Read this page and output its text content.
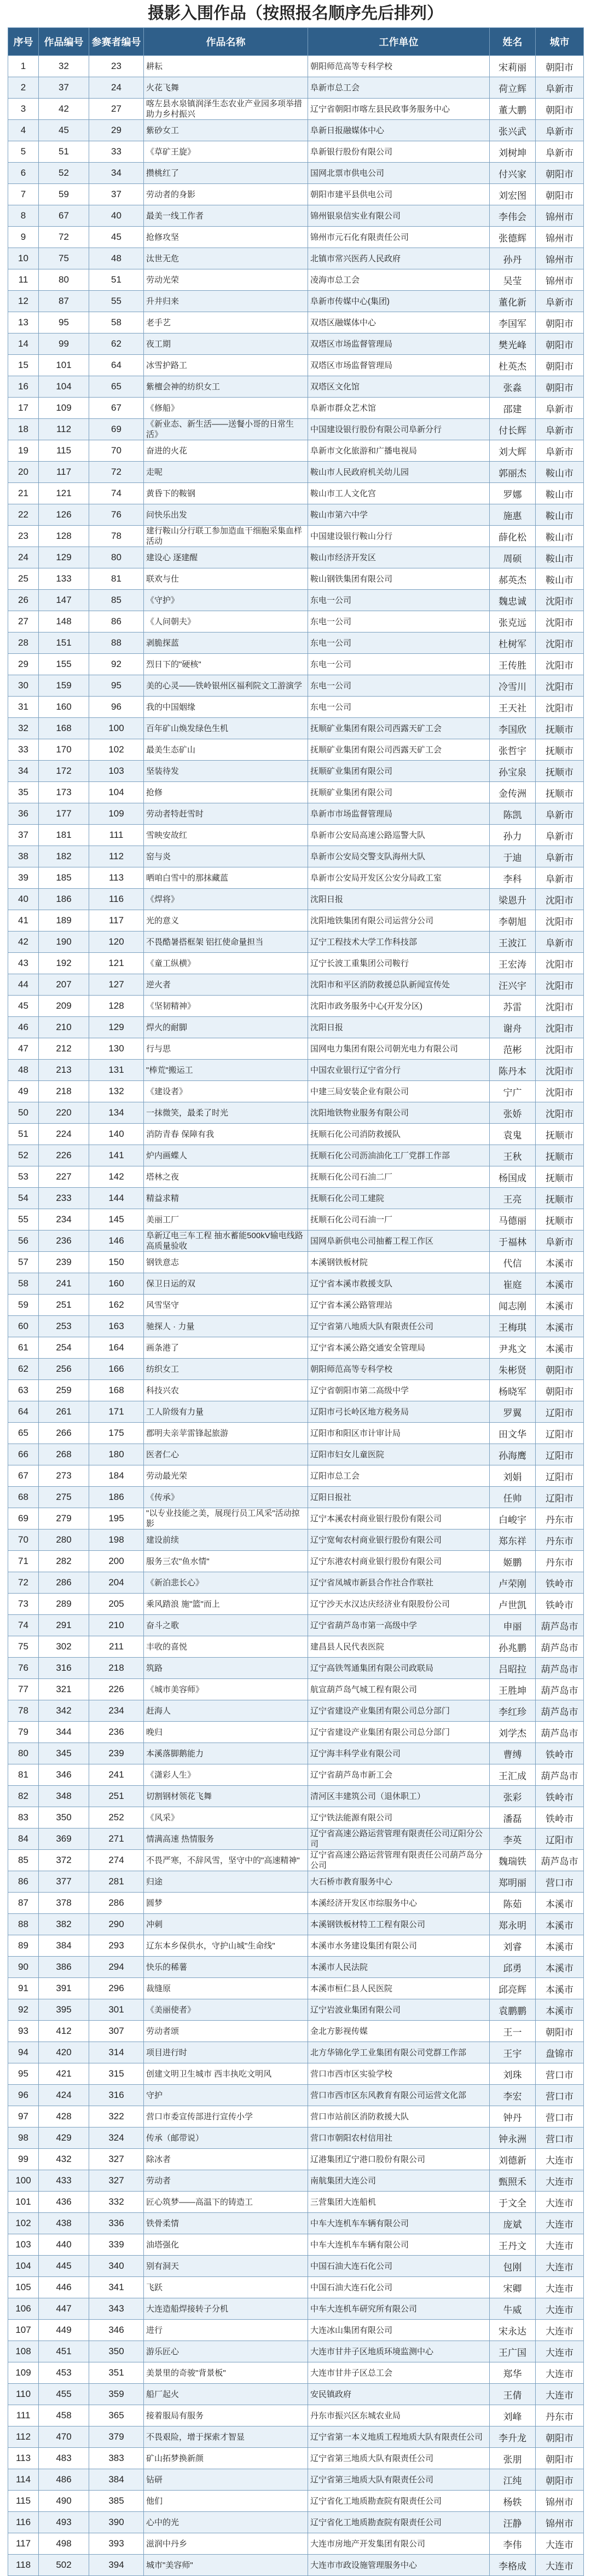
摄影入围作品（按照报名顺序先后排列）
序号	作品编号	参赛者编号	作品名称	工作单位	姓名	城市
1	32	23	耕耘	朝阳师范高等专科学校	宋莉丽	朝阳市
2	37	24	火花飞舞	阜新市总工会	荷立辉	阜新市
3	42	27	喀左县水泉镇润泽生态农业产业园多项举措助力乡村振兴	辽宁省朝阳市喀左县民政事务服务中心	董大鹏	朝阳市
4	45	29	紫砂女工	阜新日报融媒体中心	张兴武	阜新市
5	51	33	《草矿王旋》	阜新银行股份有限公司	刘树坤	阜新市
6	52	34	攒桃红了	国网北票市供电公司	付兴家	朝阳市
7	59	37	劳动者的身影	朝阳市建平县供电公司	刘宏图	朝阳市
8	67	40	最美一线工作者	锦州银泉信实业有限公司	李伟会	锦州市
9	72	45	抢修攻坚	锦州市元石化有限责任公司	张德辉	锦州市
10	75	48	汰世无危	北镇市常兴医药人民政府	孙丹	锦州市
11	80	51	劳动光荣	凌海市总工会	吴莹	锦州市
12	87	55	升井归来	阜新市传媒中心(集团)	董化新	阜新市
13	95	58	老手艺	双塔区融媒体中心	李国军	朝阳市
14	99	62	夜工期	双塔区市场监督管理局	樊光峰	朝阳市
15	101	64	冰雪护路工	双塔区市场监督管理局	杜英杰	朝阳市
16	104	65	紫檀会神的纺织女工	双塔区文化馆	张淼	朝阳市
17	109	67	《修船》	阜新市群众艺术馆	邵建	阜新市
18	112	69	《新业态、新生活——送餐小哥的日常生活》	中国建设银行股份有限公司阜新分行	付长辉	阜新市
19	115	70	奋进的火花	阜新市文化旅游和广播电视局	刘大辉	阜新市
20	117	72	走呢	鞍山市人民政府机关幼儿园	郭丽杰	鞍山市
21	121	74	黄昏下的鞍钢	鞍山市工人文化宫	罗娜	鞍山市
22	126	76	问快乐出发	鞍山市第六中学	施惠	鞍山市
23	128	78	建行鞍山分行联工参加造血干细胞采集血样活动	中国建设银行鞍山分行	薛化松	鞍山市
24	129	80	建设心 逐建醒	鞍山市经济开发区	周硕	鞍山市
25	133	81	联欢与仕	鞍山钢铁集团有限公司	郝英杰	鞍山市
26	147	85	《守护》	东电一公司	魏忠诚	沈阳市
27	148	86	《人问朝夫》	东电一公司	张克远	沈阳市
28	151	88	剥脆探蓝	东电一公司	杜树军	沈阳市
29	155	92	烈日下的"硬核"	东电一公司	王传胜	沈阳市
30	159	95	美的心灵——铁岭银州区福利院文工游演学	东电一公司	冷雪川	沈阳市
31	160	96	我的中国姻缘	东电一公司	王天社	沈阳市
32	168	100	百年矿山焕发绿色生机	抚顺矿业集团有限公司西露天矿工会	李国欣	抚顺市
33	170	102	最美生态矿山	抚顺矿业集团有限公司西露天矿工会	张哲宇	抚顺市
34	172	103	坚装待发	抚顺矿业集团有限公司	孙宝泉	抚顺市
35	173	104	抢修	抚顺矿业集团有限公司	金传洲	抚顺市
36	177	109	劳动者特赶雪时	阜新市市场监督管理局	陈凯	阜新市
37	181	111	雪映安故红	阜新市公安局高速公路巡警大队	孙力	阜新市
38	182	112	窑与炎	阜新市公安局交警支队海州大队	于迪	阜新市
39	185	113	晒咱白雪中的那抹藏蓝	阜新市公安局开发区公安分局政工室	李科	阜新市
40	186	116	《焊将》	沈阳日报	梁恩升	沈阳市
41	189	117	光的意义	沈阳地铁集团有限公司运营分公司	李朝旭	沈阳市
42	190	120	不畏酷暑搭框架 铝扛使命量担当	辽宁工程技术大学工作科技部	王波江	阜新市
43	192	121	《童工纵横》	辽宁长波工重集团公司鞍行	王宏涛	沈阳市
44	207	127	逆火者	沈阳市和平区消防救援总队新闻宣传处	汪兴宇	沈阳市
45	209	128	《坚韧精神》	沈阳市政务服务中心(开发分区)	苏雷	沈阳市
46	210	129	焊火的耐脚	沈阳日报	谢舟	沈阳市
47	212	130	行与思	国网电力集团有限公司朝光电力有限公司	范彬	沈阳市
48	213	131	"棒荒"搬运工	中国农业银行辽宁省分行	陈丹本	沈阳市
49	218	132	《建设者》	中建三局安装企业有限公司	宁广	沈阳市
50	220	134	一抹微笑，最柔了时光	沈阳地铁物业服务有限公司	张娇	沈阳市
51	224	140	消防青春 保障有我	抚顺石化公司消防救援队	袁鬼	抚顺市
52	226	141	炉内画蝶人	抚顺石化公司沥油油化工厂党群工作部	王秋	抚顺市
53	227	142	塔林之夜	抚顺石化公司石油二厂	杨国成	抚顺市
54	233	144	精益求精	抚顺石化公司工建院	王亮	抚顺市
55	234	145	美丽工厂	抚顺石化公司石油一厂	马德丽	抚顺市
56	236	146	阜新辽电三车工程 抽水蓄能500kV输电线路高质量验收	国网阜新供电公司抽蓄工程工作区	于福林	阜新市
57	239	150	钢铁意志	本溪钢铁板材院	代信	本溪市
58	241	160	保卫日运的双	辽宁省本溪市救援支队	崔庭	本溪市
59	251	162	风雪坚守	辽宁省本溪公路管理站	闻志刚	本溪市
60	253	163	驰探人 · 力量	辽宁省第八地质大队有限责任公司	王梅琪	本溪市
61	254	164	画条港了	辽宁省本溪公路交通安全管理局	尹兆文	本溪市
62	256	166	纺织女工	朝阳师范高等专科学校	朱彬贤	朝阳市
63	259	168	科技兴农	辽宁省朝阳市第二高级中学	杨晓军	朝阳市
64	261	171	工人阶级有力量	辽阳市弓长岭区地方税务局	罗翼	辽阳市
65	266	175	郡明夫亲苹雷锋起旅游	辽阳市和阳区市计审计局	田文华	辽阳市
66	268	180	医者仁心	辽阳市妇女儿童医院	孙海鹰	辽阳市
67	273	184	劳动最光荣	辽阳市总工会	刘娟	辽阳市
68	275	186	《传承》	辽阳日报社	任帅	辽阳市
69	279	195	"以专业技能之美，展现行员工风采"活动掠影	辽宁本溪农村商业银行股份有限公司	白峻宇	丹东市
70	280	198	建设前续	辽宁宽甸农村商业银行股份有限公司	郑东祥	丹东市
71	282	200	服务三农"鱼水情"	辽宁东港农村商业银行股份有限公司	姬鹏	丹东市
72	286	204	《新泊悲长心》	辽宁省凤城市新县合作社合作联社	卢荣刚	铁岭市
73	289	205	乘风踏浪 施"篮"而上	辽宁沙天水汉达庆经济业有限股份公司	卢世凯	铁岭市
74	291	210	奋斗之歌	辽宁省葫芦岛市第一高级中学	申丽	葫芦岛市
75	302	211	丰收的喜悦	建昌县人民代表医院	孙兆鹏	葫芦岛市
76	316	218	筑路	辽宁高铁驾通集团有限公司政联局	吕昭拉	葫芦岛市
77	321	226	《城市美容师》	航宣葫芦岛气城工程有限公司	王胜坤	葫芦岛市
78	342	234	赶海人	辽宁省建设产业集团有限公司总分部门	李红珍	葫芦岛市
79	344	236	晚归	辽宁省建设产业集团有限公司总分部门	刘学杰	葫芦岛市
80	345	239	本溪落脚鹅能力	辽宁海丰科学业有限公司	曹缚	铁岭市
81	346	241	《潇彩人生》	辽宁省葫芦岛市新工会	王汇成	葫芦岛市
82	348	251	切割钢材领花飞舞	清河区丰建筑公司（退休职工）	张彩	铁岭市
83	350	252	《风采》	辽宁铁法能源有限公司	潘磊	铁岭市
84	369	271	情满高速 热情服务	辽宁省高速公路运营管理有限责任公司辽阳分公司	李英	辽阳市
85	372	274	不畏严寒，不辞风雪，坚守中的"高速精神"	辽宁省高速公路运营管理有限责任公司葫芦岛分公司	魏瑞铁	葫芦岛市
86	377	281	归途	大石桥市教育服务中心	郑明丽	营口市
87	378	286	圆梦	本溪经济开发区市综服务中心	陈茹	本溪市
88	382	290	冲刺	本溪钢铁板材特工工程有限公司	郑永明	本溪市
89	384	293	辽东本乡保供水，守护山城"生命线"	本溪市水务建设集团有限公司	刘睿	本溪市
90	386	294	快乐的稀薯	本溪市人民法院	邱勇	本溪市
91	391	296	裁缝原	本溪市桓仁县人民医院	邱亮辉	本溪市
92	395	301	《美丽使者》	辽宁岩波业集团有限公司	袁鹏鹏	本溪市
93	412	307	劳动者颂	金北方影视传媒	王一	朝阳市
94	420	314	项目进行时	北方华锦化学工业集团有限公司党群工作部	王宇	盘锦市
95	421	315	创建文明卫生城市 西丰执吃文明风	营口市西市区实验学校	刘珠	营口市
96	424	316	守护	营口市西市区东风教育有限公司运营文化部	李宏	营口市
97	428	322	营口市委宣传部进行宣传小学	营口市站前区消防救援大队	钟丹	营口市
98	429	324	传承（邮带说）	营口市朝阳农村信用社	钟永洲	营口市
99	432	327	除冰者	辽港集团辽宁港口股份有限公司	刘德新	大连市
100	433	327	劳动者	南航集团大连公司	甄照禾	大连市
101	436	332	匠心筑梦——高温下的铸造工	三营集团大连船机	于文全	大连市
102	438	336	铁骨柔情	中车大连机车车辆有限公司	庞斌	大连市
103	440	339	油塔强化	中车大连机车车辆有限公司	王丹文	大连市
104	445	340	别有洞天	中国石油大连石化公司	包刚	大连市
105	446	341	飞跃	中国石油大连石化公司	宋卿	大连市
106	447	343	大连造船焊接转子分机	中车大连机车研究所有限公司	牛威	大连市
107	449	346	进行	大连冰山集团有限公司	宋永达	大连市
108	451	350	游乐匠心	大连市甘井子区地质环境监测中心	王广国	大连市
109	453	351	美景里的奇骏"背景板"	大连市甘井子区总工会	郑华	大连市
110	455	359	船厂起火	安民镇政府	王倩	大连市
111	458	365	接着服局有服务	丹东市振兴区东城农业局	刘峰	丹东市
112	470	379	不畏艰险，增于探索才智显	辽宁省第一本义地质工程地质大队有限责任公司	李升龙	朝阳市
113	483	383	矿山拓梦换新颜	辽宁省第三地质大队有限责任公司	张朋	朝阳市
114	486	384	钻研	辽宁省第三地质大队有限责任公司	江纯	朝阳市
115	490	385	他们	辽宁省化工地质勘查院有限责任公司	杨轶	锦州市
116	493	390	心中的光	辽宁省化工地质勘查院有限责任公司	汪静	锦州市
117	498	393	滋润中丹乡	大连市房地产开发集团有限公司	李伟	大连市
118	502	394	城市"美容师"	大连市市政设施管理服务中心	李格成	大连市
